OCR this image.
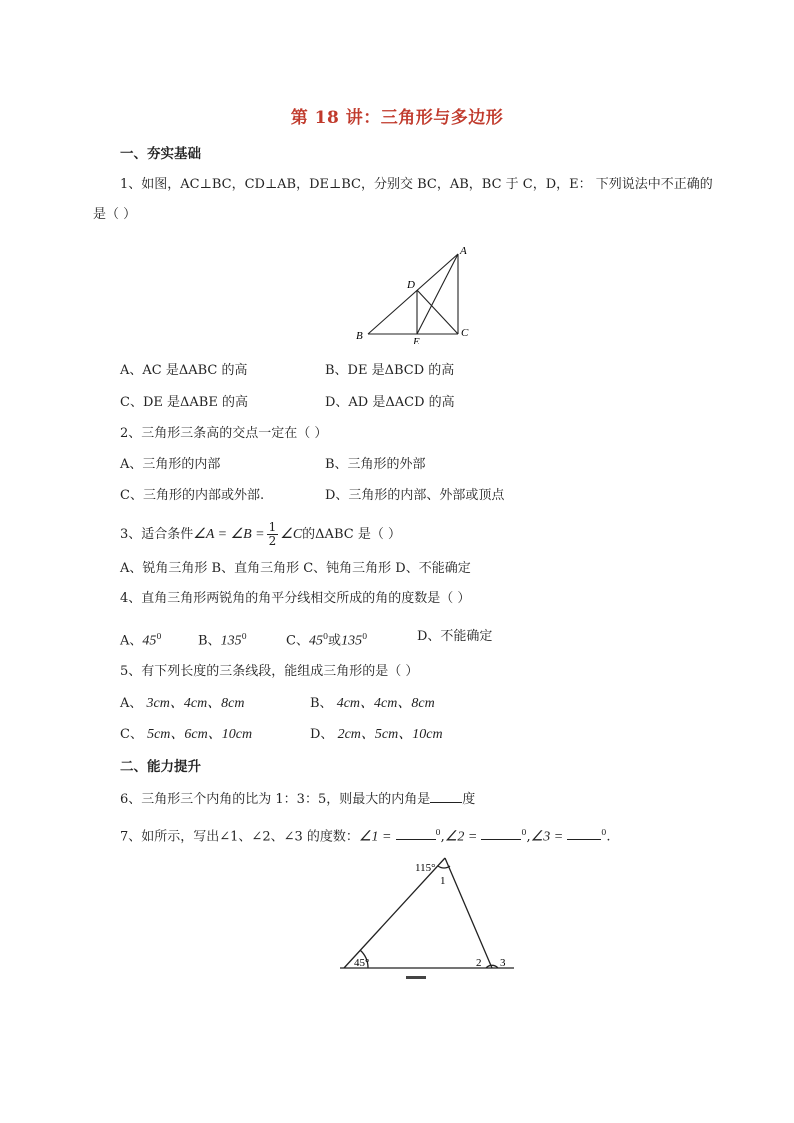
第 18 讲：三角形与多边形
一、夯实基础
1、如图，AC⊥BC，CD⊥AB，DE⊥BC，分别交 BC，AB，BC 于 C，D，E： 下列说法中不正确的
是（ ）
A
B	C
D
E
A、AC 是ΔABC 的高	B、DE 是ΔBCD 的高
C、DE 是ΔABE 的高	D、AD 是ΔACD 的高
2、三角形三条高的交点一定在（ ）
A、三角形的内部	B、三角形的外部
C、三角形的内部或外部.	D、三角形的内部、外部或顶点
3、适合条件∠A = ∠B = $\frac{1}{2}$ ∠C的ΔABC 是（ ）
A、锐角三角形 B、直角三角形 C、钝角三角形 D、不能确定
4、直角三角形两锐角的角平分线相交所成的角的度数是（ ）
A、$45^0$	B、$135^0$	C、$45^0$或$135^0$	D、不能确定
5、有下列长度的三条线段，能组成三角形的是（ ）
A、 3cm、4cm、8cm	B、 4cm、4cm、8cm
C、 5cm、6cm、10cm	D、 2cm、5cm、10cm
二、能力提升
6、三角形三个内角的比为 1：3：5，则最大的内角是 度
7、如所示，写出∠1、∠2、∠3 的度数：∠1 =	$^0$,∠2 =	$^0$,∠3 =	$^0$.
115°
1
45°	2 3
